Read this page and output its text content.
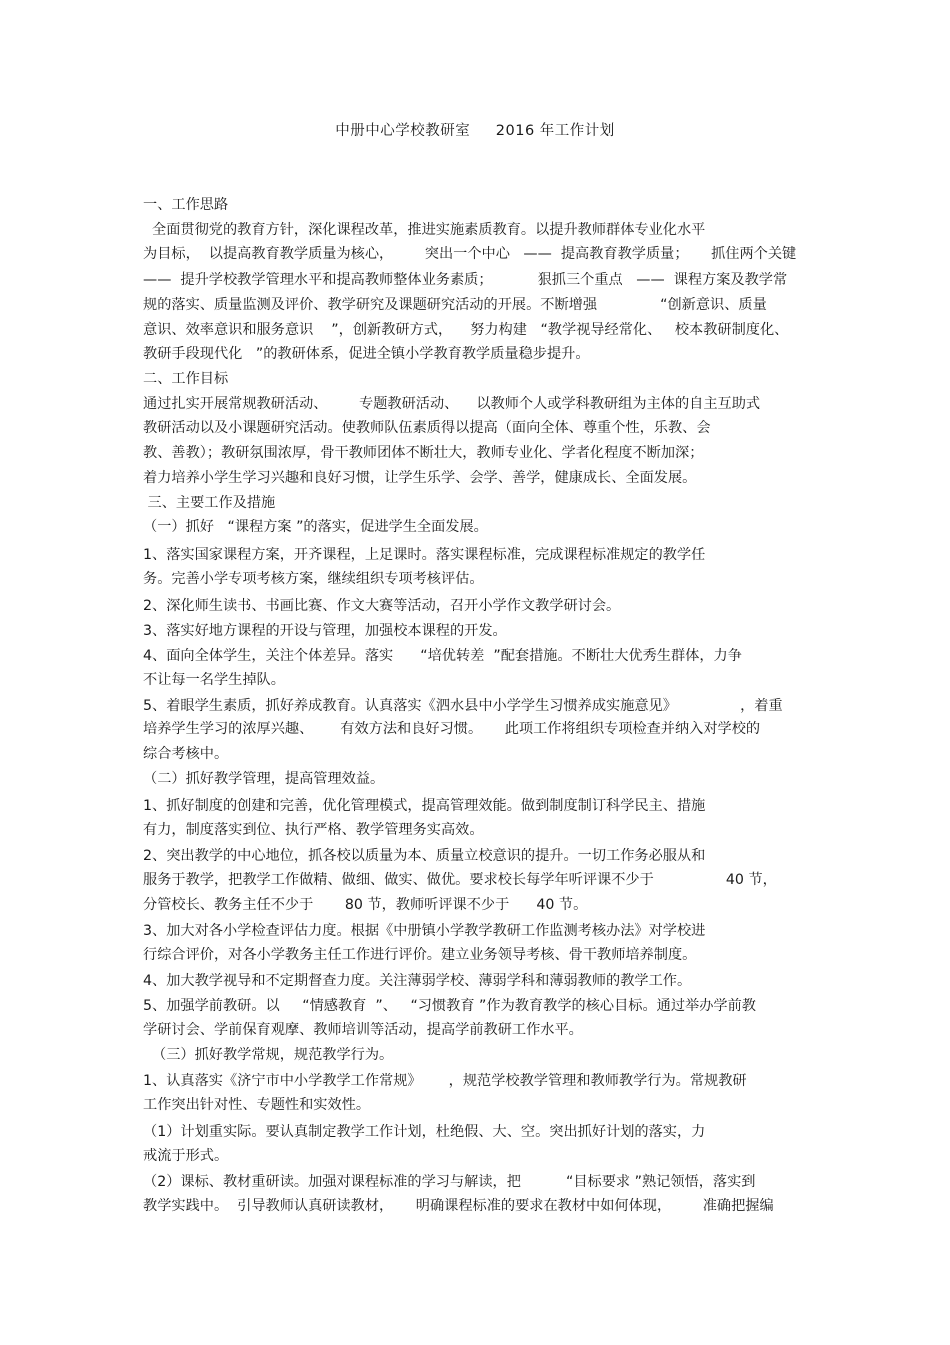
中册中心学校教研室     2016 年工作计划
一、工作思路
全面贯彻党的教育方针，深化课程改革，推进实施素质教育。以提升教师群体专业化水平
为目标，  以提高教育教学质量为核心，       突出一个中心   ——  提高教育教学质量；     抓住两个关键
——  提升学校教学管理水平和提高教师整体业务素质；          狠抓三个重点   ——  课程方案及教学常
规的落实、质量监测及评价、教学研究及课题研究活动的开展。不断增强              “创新意识、质量
意识、效率意识和服务意识    ”，创新教研方式，    努力构建   “教学视导经常化、   校本教研制度化、
教研手段现代化   ”的教研体系，促进全镇小学教育教学质量稳步提升。
二、工作目标
通过扎实开展常规教研活动、       专题教研活动、    以教师个人或学科教研组为主体的自主互助式
教研活动以及小课题研究活动。使教师队伍素质得以提高（面向全体、尊重个性，乐教、会
教、善教）；教研氛围浓厚，骨干教师团体不断壮大，教师专业化、学者化程度不断加深；
着力培养小学生学习兴趣和良好习惯，让学生乐学、会学、善学，健康成长、全面发展。
三、主要工作及措施
（一）抓好   “课程方案 ”的落实，促进学生全面发展。
1、落实国家课程方案，开齐课程，上足课时。落实课程标准，完成课程标准规定的教学任
务。完善小学专项考核方案，继续组织专项考核评估。
2、深化师生读书、书画比赛、作文大赛等活动，召开小学作文教学研讨会。
3、落实好地方课程的开设与管理，加强校本课程的开发。
4、面向全体学生，关注个体差异。落实      “培优转差  ”配套措施。不断壮大优秀生群体，力争
不让每一名学生掉队。
5、着眼学生素质，抓好养成教育。认真落实《泗水县中小学学生习惯养成实施意见》              ，着重
培养学生学习的浓厚兴趣、      有效方法和良好习惯。     此项工作将组织专项检查并纳入对学校的
综合考核中。
（二）抓好教学管理，提高管理效益。
1、抓好制度的创建和完善，优化管理模式，提高管理效能。做到制度制订科学民主、措施
有力，制度落实到位、执行严格、教学管理务实高效。
2、突出教学的中心地位，抓各校以质量为本、质量立校意识的提升。一切工作务必服从和
服务于教学，把教学工作做精、做细、做实、做优。要求校长每学年听评课不少于                40 节，
分管校长、教务主任不少于       80 节，教师听评课不少于      40 节。
3、加大对各小学检查评估力度。根据《中册镇小学教学教研工作监测考核办法》对学校进
行综合评价，对各小学教务主任工作进行评价。建立业务领导考核、骨干教师培养制度。
4、加大教学视导和不定期督查力度。关注薄弱学校、薄弱学科和薄弱教师的教学工作。
5、加强学前教研。以     “情感教育  ”、   “习惯教育 ”作为教育教学的核心目标。通过举办学前教
学研讨会、学前保育观摩、教师培训等活动，提高学前教研工作水平。
（三）抓好教学常规，规范教学行为。
1、认真落实《济宁市中小学教学工作常规》      ，规范学校教学管理和教师教学行为。常规教研
工作突出针对性、专题性和实效性。
（1）计划重实际。要认真制定教学工作计划，杜绝假、大、空。突出抓好计划的落实，力
戒流于形式。
（2）课标、教材重研读。加强对课程标准的学习与解读，把          “目标要求 ”熟记领悟，落实到
教学实践中。  引导教师认真研读教材，     明确课程标准的要求在教材中如何体现，       准确把握编
